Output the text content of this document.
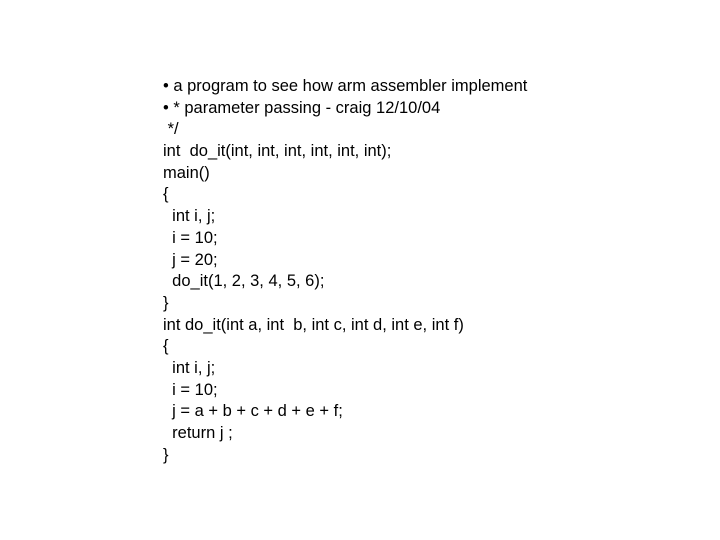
• a program to see how arm assembler implement

• * parameter passing - craig 12/10/04

*/

int  do_it(int, int, int, int, int, int);

main()

{

int i, j;

i = 10;

j = 20;

do_it(1, 2, 3, 4, 5, 6);

}

int do_it(int a, int  b, int c, int d, int e, int f)

{

int i, j;

i = 10;

j = a + b + c + d + e + f;

return j ;

}
